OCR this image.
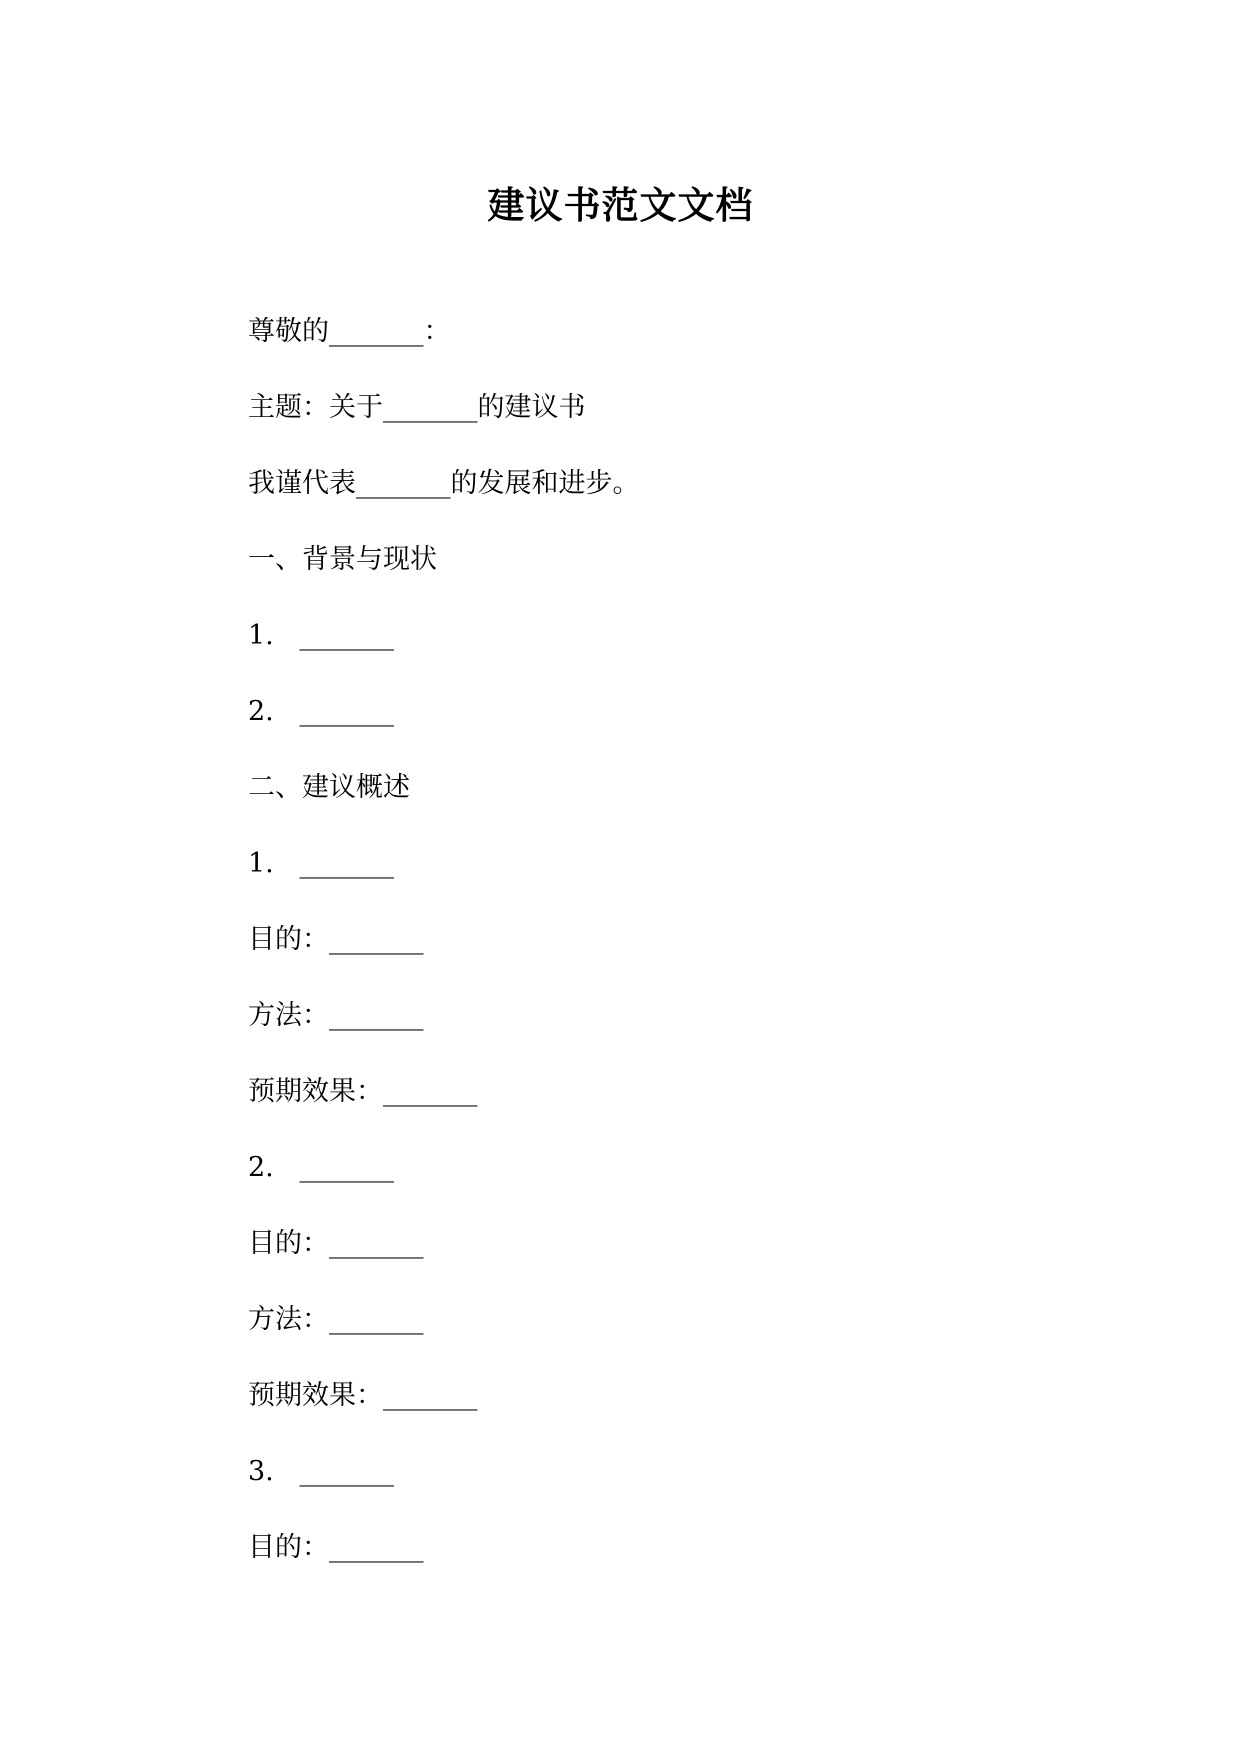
建议书范文文档
尊敬的_______：
主题：关于_______的建议书
我谨代表_______的发展和进步。
一、背景与现状
1.   _______
2.   _______
二、建议概述
1.   _______
目的：_______
方法：_______
预期效果：_______
2.   _______
目的：_______
方法：_______
预期效果：_______
3.   _______
目的：_______
